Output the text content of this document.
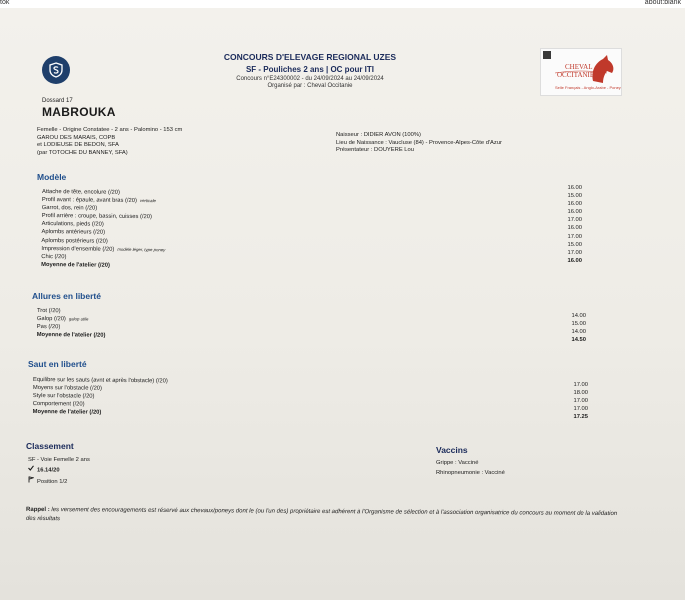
tok	about:blank
CONCOURS D'ELEVAGE REGIONAL UZES
SF - Pouliches 2 ans | OC pour ITI
Concours n°E24300002 - du 24/09/2024 au 24/09/2024
Organisé par : Cheval Occitanie
CHEVAL
OCCITANIE
Selle Français - Anglo-Arabe - Poney
Dossard 17
MABROUKA
Femelle - Origine Constatee - 2 ans - Palomino - 153 cm
GAROU DES MARAIS, COPB
et LODIEUSE DE BEDON, SFA
(par TOTOCHE DU BANNEY, SFA)
Naisseur : DIDIER AVON (100%)
Lieu de Naissance : Vaucluse (84) - Provence-Alpes-Côte d'Azur
Présentateur : DOUYERE Lou
Modèle
Attache de tête, encolure (/20)
Profil avant : épaule, avant bras (/20) verticale
Garrot, dos, rein (/20)
Profil arrière : croupe, bassin, cuisses (/20)
Articulations, pieds (/20)
Aplombs antérieurs (/20)
Aplombs postérieurs (/20)
Impression d'ensemble (/20) modèle léger, type poney
Chic (/20)
Moyenne de l'atelier (/20)
16.00
15.00
16.00
16.00
17.00
16.00
17.00
15.00
17.00
16.00
Allures en liberté
Trot (/20)
Galop (/20) galop utile
Pas (/20)
Moyenne de l'atelier (/20)
14.00
15.00
14.00
14.50
Saut en liberté
Equilibre sur les sauts (avnt et après l'obstacle) (/20)
Moyens sur l'obstacle (/20)
Style sur l'obstacle (/20)
Comportement (/20)
Moyenne de l'atelier (/20)
17.00
18.00
17.00
17.00
17.25
Classement
SF - Voie Femelle 2 ans
16.14/20
Position 1/2
Vaccins
Grippe : Vacciné
Rhinopneumonie : Vacciné
Rappel : les versement des encouragements est réservé aux chevaux/poneys dont le (ou l'un des) propriétaire est adhérent à l'Organisme de sélection et à l'association organisatrice du concours au moment de la validation des résultats
